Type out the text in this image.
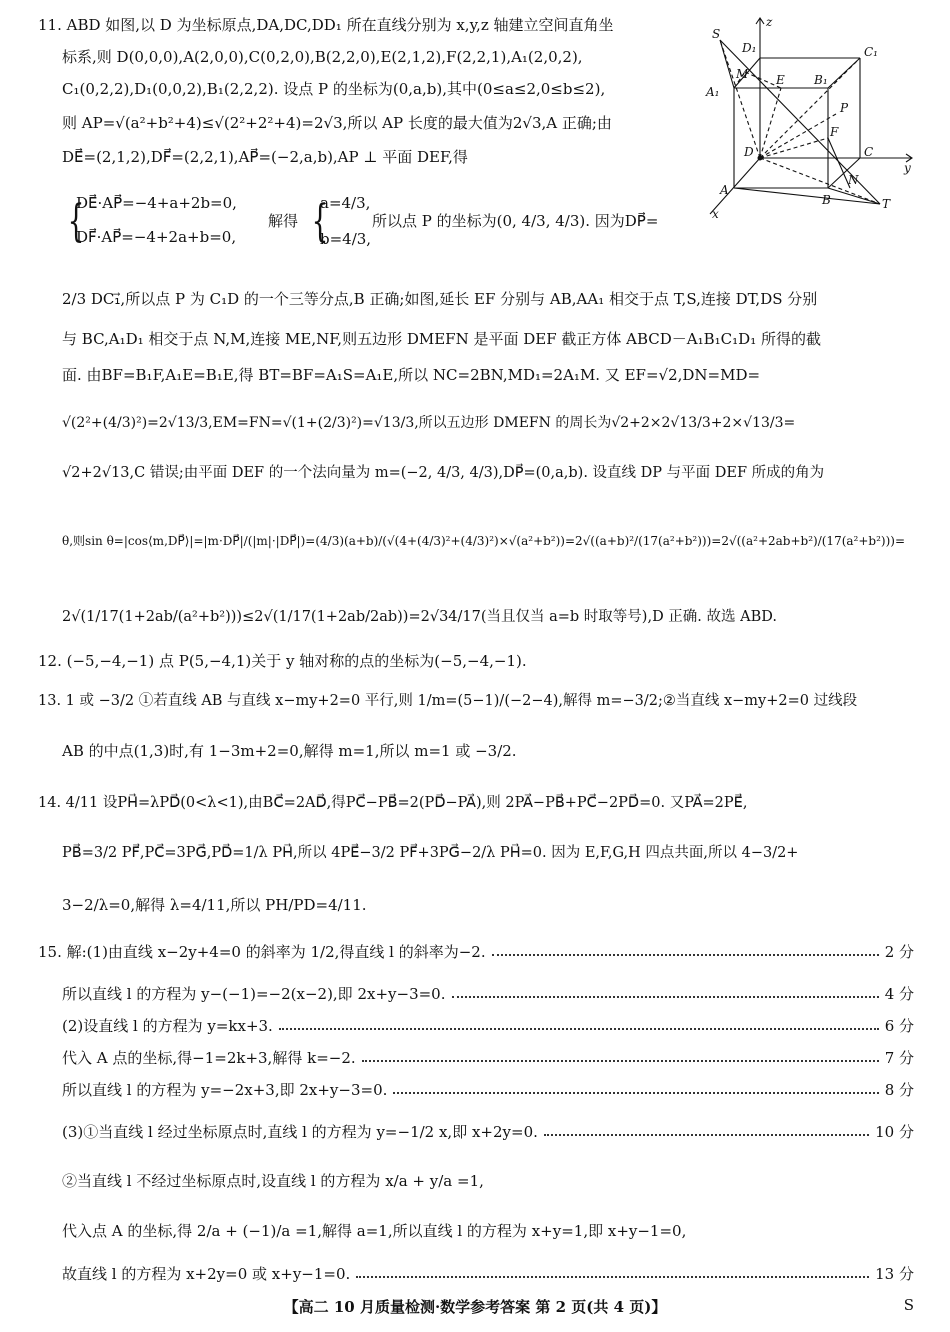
11. ABD 如图,以 D 为坐标原点,DA,DC,DD₁ 所在直线分别为 x,y,z 轴建立空间直角坐
标系,则 D(0,0,0),A(2,0,0),C(0,2,0),B(2,2,0),E(2,1,2),F(2,2,1),A₁(2,0,2),
C₁(0,2,2),D₁(0,0,2),B₁(2,2,2). 设点 P 的坐标为(0,a,b),其中(0≤a≤2,0≤b≤2),
则 AP=√(a²+b²+4)≤√(2²+2²+4)=2√3,所以 AP 长度的最大值为2√3,A 正确;由
DE⃗=(2,1,2),DF⃗=(2,2,1),AP⃗=(−2,a,b),AP ⊥ 平面 DEF,得
{
DE⃗·AP⃗=−4+a+2b=0,
DF⃗·AP⃗=−4+2a+b=0,
解得 {
a=4/3,
b=4/3,
所以点 P 的坐标为(0, 4/3, 4/3). 因为DP⃗=
2/3 DC₁⃗,所以点 P 为 C₁D 的一个三等分点,B 正确;如图,延长 EF 分别与 AB,AA₁ 相交于点 T,S,连接 DT,DS 分别
与 BC,A₁D₁ 相交于点 N,M,连接 ME,NF,则五边形 DMEFN 是平面 DEF 截正方体 ABCD－A₁B₁C₁D₁ 所得的截
面. 由BF=B₁F,A₁E=B₁E,得 BT=BF=A₁S=A₁E,所以 NC=2BN,MD₁=2A₁M. 又 EF=√2,DN=MD=
√(2²+(4/3)²)=2√13/3,EM=FN=√(1+(2/3)²)=√13/3,所以五边形 DMEFN 的周长为√2+2×2√13/3+2×√13/3=
√2+2√13,C 错误;由平面 DEF 的一个法向量为 m=(−2, 4/3, 4/3),DP⃗=(0,a,b). 设直线 DP 与平面 DEF 所成的角为
θ,则sin θ=|cos⟨m,DP⃗⟩|=|m·DP⃗|/(|m|·|DP⃗|)=(4/3)(a+b)/(√(4+(4/3)²+(4/3)²)×√(a²+b²))=2√((a+b)²/(17(a²+b²)))=2√((a²+2ab+b²)/(17(a²+b²)))=
2√(1/17(1+2ab/(a²+b²)))≤2√(1/17(1+2ab/2ab))=2√34/17(当且仅当 a=b 时取等号),D 正确. 故选 ABD.
12. (−5,−4,−1) 点 P(5,−4,1)关于 y 轴对称的点的坐标为(−5,−4,−1).
13. 1 或 −3/2 ①若直线 AB 与直线 x−my+2=0 平行,则 1/m=(5−1)/(−2−4),解得 m=−3/2;②当直线 x−my+2=0 过线段
AB 的中点(1,3)时,有 1−3m+2=0,解得 m=1,所以 m=1 或 −3/2.
14. 4/11 设PH⃗=λPD⃗(0<λ<1),由BC⃗=2AD⃗,得PC⃗−PB⃗=2(PD⃗−PA⃗),则 2PA⃗−PB⃗+PC⃗−2PD⃗=0. 又PA⃗=2PE⃗,
PB⃗=3/2 PF⃗,PC⃗=3PG⃗,PD⃗=1/λ PH⃗,所以 4PE⃗−3/2 PF⃗+3PG⃗−2/λ PH⃗=0. 因为 E,F,G,H 四点共面,所以 4−3/2+
3−2/λ=0,解得 λ=4/11,所以 PH/PD=4/11.
15. 解:(1)由直线 x−2y+4=0 的斜率为 1/2,得直线 l 的斜率为−2.	2 分
所以直线 l 的方程为 y−(−1)=−2(x−2),即 2x+y−3=0.	4 分
(2)设直线 l 的方程为 y=kx+3.	6 分
代入 A 点的坐标,得−1=2k+3,解得 k=−2.	7 分
所以直线 l 的方程为 y=−2x+3,即 2x+y−3=0.	8 分
(3)①当直线 l 经过坐标原点时,直线 l 的方程为 y=−1/2 x,即 x+2y=0.	10 分
②当直线 l 不经过坐标原点时,设直线 l 的方程为 x/a + y/a =1,
代入点 A 的坐标,得 2/a + (−1)/a =1,解得 a=1,所以直线 l 的方程为 x+y=1,即 x+y−1=0,
故直线 l 的方程为 x+2y=0 或 x+y−1=0.	13 分
z
S
D₁	C₁
M E B₁
A₁
P
F
D	C
y
A
N
B	T
x
【高二 10 月质量检测·数学参考答案 第 2 页(共 4 页)】	S
